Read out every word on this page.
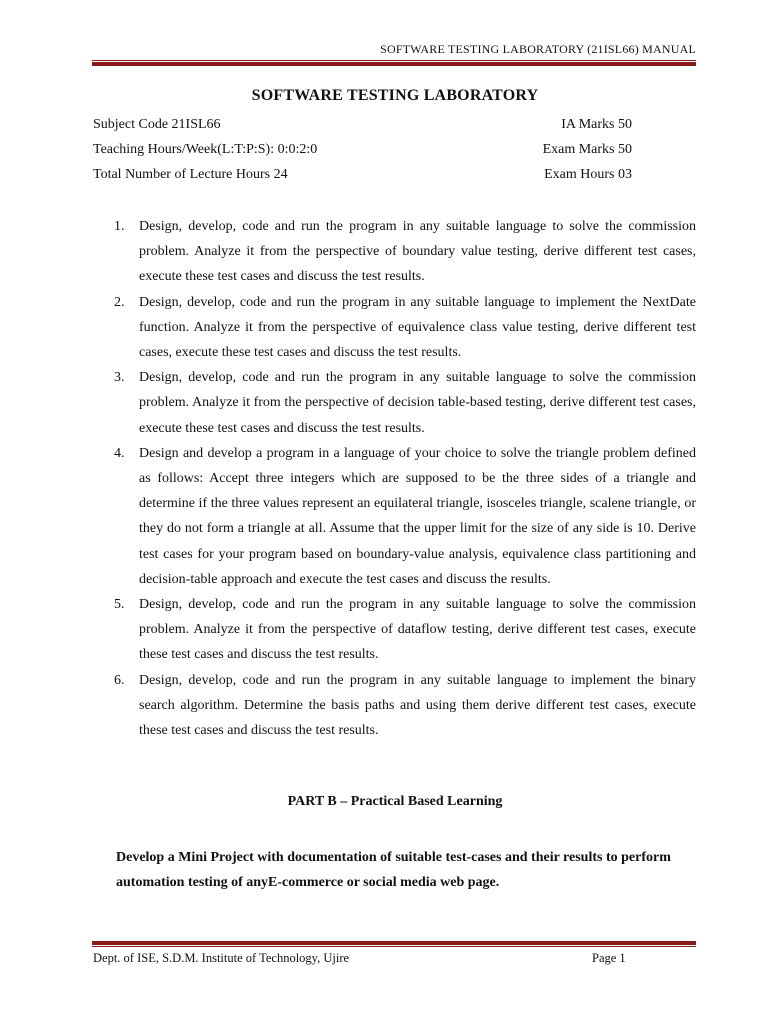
SOFTWARE TESTING LABORATORY (21ISL66) MANUAL
SOFTWARE TESTING LABORATORY
Subject Code 21ISL66	IA Marks 50
Teaching Hours/Week(L:T:P:S): 0:0:2:0	Exam Marks 50
Total Number of Lecture Hours 24	Exam Hours 03
1. Design, develop, code and run the program in any suitable language to solve the commission problem. Analyze it from the perspective of boundary value testing, derive different test cases, execute these test cases and discuss the test results.
2. Design, develop, code and run the program in any suitable language to implement the NextDate function. Analyze it from the perspective of equivalence class value testing, derive different test cases, execute these test cases and discuss the test results.
3. Design, develop, code and run the program in any suitable language to solve the commission problem. Analyze it from the perspective of decision table-based testing, derive different test cases, execute these test cases and discuss the test results.
4. Design and develop a program in a language of your choice to solve the triangle problem defined as follows: Accept three integers which are supposed to be the three sides of a triangle and determine if the three values represent an equilateral triangle, isosceles triangle, scalene triangle, or they do not form a triangle at all. Assume that the upper limit for the size of any side is 10. Derive test cases for your program based on boundary-value analysis, equivalence class partitioning and decision-table approach and execute the test cases and discuss the results.
5. Design, develop, code and run the program in any suitable language to solve the commission problem. Analyze it from the perspective of dataflow testing, derive different test cases, execute these test cases and discuss the test results.
6. Design, develop, code and run the program in any suitable language to implement the binary search algorithm. Determine the basis paths and using them derive different test cases, execute these test cases and discuss the test results.
PART B – Practical Based Learning
Develop a Mini Project with documentation of suitable test-cases and their results to perform automation testing of anyE-commerce or social media web page.
Dept. of ISE, S.D.M. Institute of Technology, Ujire	Page 1
